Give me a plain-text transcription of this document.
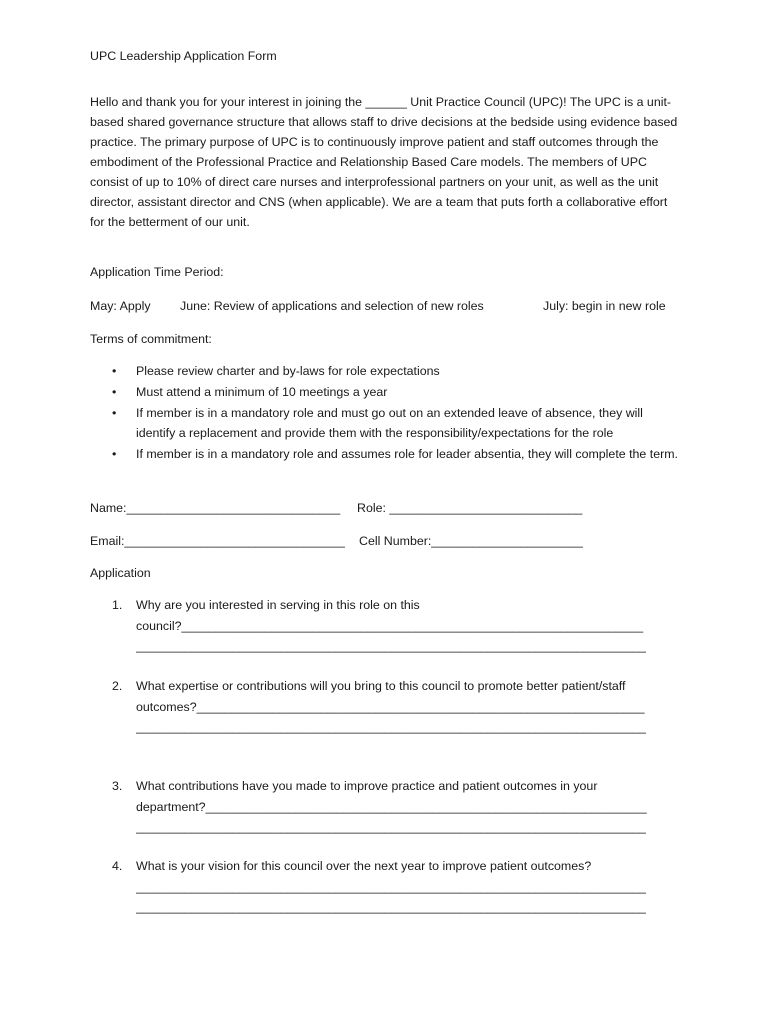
UPC Leadership Application Form

Hello and thank you for your interest in joining the ______ Unit Practice Council (UPC)! The UPC is a unit-based shared governance structure that allows staff to drive decisions at the bedside using evidence based practice. The primary purpose of UPC is to continuously improve patient and staff outcomes through the embodiment of the Professional Practice and Relationship Based Care models. The members of UPC consist of up to 10% of direct care nurses and interprofessional partners on your unit, as well as the unit director, assistant director and CNS (when applicable). We are a team that puts forth a collaborative effort for the betterment of our unit.

Application Time Period:
May: Apply June: Review of applications and selection of new roles	July: begin in new role
Terms of commitment:
• Please review charter and by-laws for role expectations
• Must attend a minimum of 10 meetings a year
• If member is in a mandatory role and must go out on an extended leave of absence, they will identify a replacement and provide them with the responsibility/expectations for the role
• If member is in a mandatory role and assumes role for leader absentia, they will complete the term.
Name:_______________________________ Role: ____________________________
Email:________________________________ Cell Number:______________________
Application
1. Why are you interested in serving in this role on this
council?___________________________________________________________________
__________________________________________________________________________
2. What expertise or contributions will you bring to this council to promote better patient/staff
outcomes?_________________________________________________________________
__________________________________________________________________________
3. What contributions have you made to improve practice and patient outcomes in your
department?________________________________________________________________
__________________________________________________________________________
4. What is your vision for this council over the next year to improve patient outcomes?
__________________________________________________________________________
__________________________________________________________________________
